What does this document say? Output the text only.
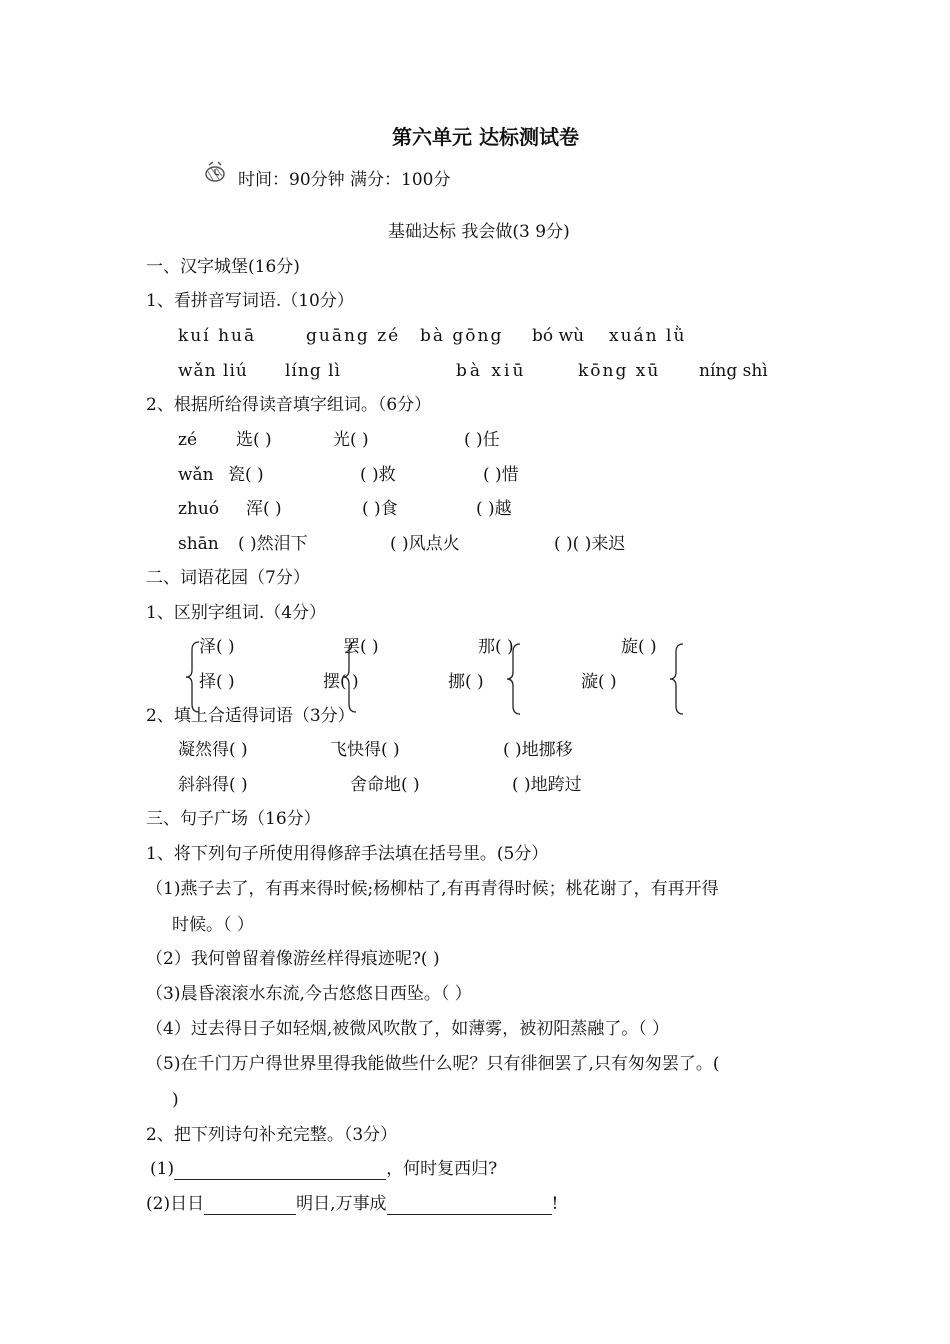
第六单元 达标测试卷
时间：90分钟 满分：100分
基础达标 我会做(3 9分)
一、汉字城堡(16分)
1、看拼音写词语.（10分）
kuí huā	guāng zé bà gōng bó wù xuán lǜ
wǎn liú líng lì	bà xiū	kōng xū níng shì
2、根据所给得读音填字组词。（6分）
zé 选( )	光( )	( )任
wǎn 瓷( )	( )救	( )惜
zhuó 浑( )	( )食	( )越
shān ( )然泪下	( )风点火	( )( )来迟
二、词语花园（7分）
1、区别字组词.（4分）
泽( )	罢( )	那( )	旋( )
择( )	摆( )	挪( )	漩( )
2、填上合适得词语（3分）
凝然得( )	飞快得( )	( )地挪移
斜斜得( )	舍命地( )	( )地跨过
三、句子广场（16分）
1、将下列句子所使用得修辞手法填在括号里。(5分）
（1)燕子去了，有再来得时候;杨柳枯了,有再青得时候；桃花谢了，有再开得
时候。（ ）
（2）我何曾留着像游丝样得痕迹呢?( )
（3)晨昏滚滚水东流,今古悠悠日西坠。（ ）
（4）过去得日子如轻烟,被微风吹散了，如薄雾，被初阳蒸融了。（ ）
（5)在千门万户得世界里得我能做些什么呢？只有徘徊罢了,只有匆匆罢了。(
)
2、把下列诗句补充完整。（3分）
(1)	，何时复西归?
(2)日日	明日,万事成	!
